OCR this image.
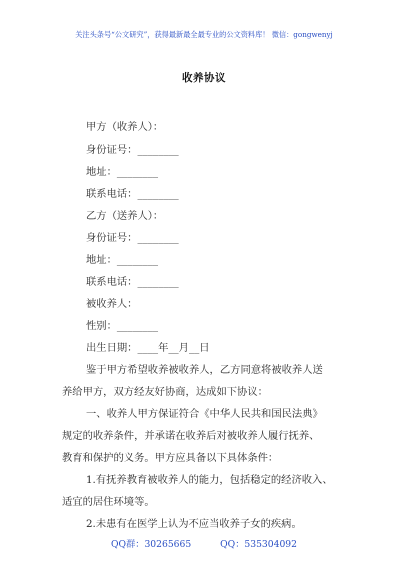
关注头条号“公文研究”，获得最新最全最专业的公文资料库！ 微信：gongwenyj
收养协议
甲方（收养人）：
身份证号：________
地址：________
联系电话：________
乙方（送养人）：
身份证号：________
地址：________
联系电话：________
被收养人：
性别：________
出生日期：____年__月__日
鉴于甲方希望收养被收养人，乙方同意将被收养人送
养给甲方，双方经友好协商，达成如下协议：
一、收养人甲方保证符合《中华人民共和国民法典》
规定的收养条件，并承诺在收养后对被收养人履行抚养、
教育和保护的义务。甲方应具备以下具体条件：
1.有抚养教育被收养人的能力，包括稳定的经济收入、
适宜的居住环境等。
2.未患有在医学上认为不应当收养子女的疾病。
QQ群：30265665	QQ：535304092
